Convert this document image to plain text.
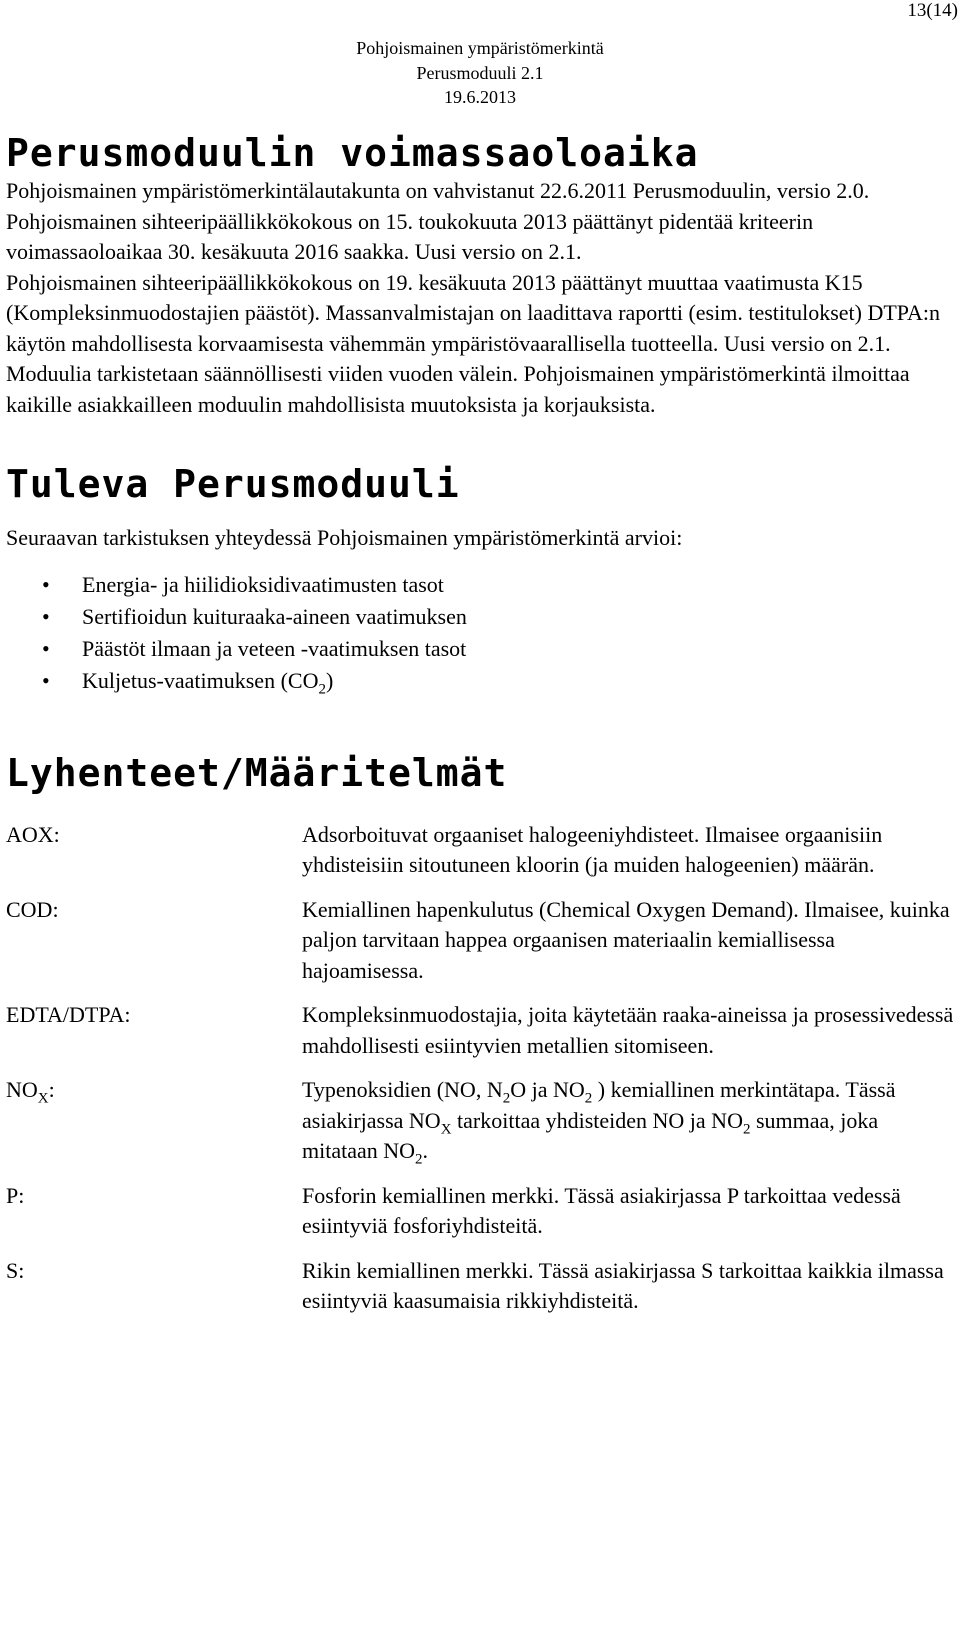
13(14)
Pohjoismainen ympäristömerkintä
Perusmoduuli 2.1
19.6.2013
Perusmoduulin voimassaoloaika

Pohjoismainen ympäristömerkintälautakunta on vahvistanut 22.6.2011 Perusmoduulin, versio 2.0.

Pohjoismainen sihteeripäällikkökokous on 15. toukokuuta 2013 päättänyt pidentää kriteerin voimassaoloaikaa 30. kesäkuuta 2016 saakka. Uusi versio on 2.1.

Pohjoismainen sihteeripäällikkökokous on 19. kesäkuuta 2013 päättänyt muuttaa vaatimusta K15 (Kompleksinmuodostajien päästöt). Massanvalmistajan on laadittava raportti (esim. testitulokset) DTPA:n käytön mahdollisesta korvaamisesta vähemmän ympäristövaarallisella tuotteella. Uusi versio on 2.1.

Moduulia tarkistetaan säännöllisesti viiden vuoden välein. Pohjoismainen ympäristömerkintä ilmoittaa kaikille asiakkailleen moduulin mahdollisista muutoksista ja korjauksista.

Tuleva Perusmoduuli

Seuraavan tarkistuksen yhteydessä Pohjoismainen ympäristömerkintä arvioi:

• Energia- ja hiilidioksidivaatimusten tasot
• Sertifioidun kuituraaka-aineen vaatimuksen
• Päästöt ilmaan ja veteen -vaatimuksen tasot
• Kuljetus-vaatimuksen $(CO_2)$
Lyhenteet/Määritelmät
AOX:	Adsorboituvat orgaaniset halogeeniyhdisteet. Ilmaisee orgaanisiin yhdisteisiin sitoutuneen kloorin (ja muiden halogeenien) määrän.
COD:	Kemiallinen hapenkulutus (Chemical Oxygen Demand). Ilmaisee, kuinka paljon tarvitaan happea orgaanisen materiaalin kemiallisessa hajoamisessa.
EDTA/DTPA:	Kompleksinmuodostajia, joita käytetään raaka-aineissa ja prosessivedessä mahdollisesti esiintyvien metallien sitomiseen.
$NO_X$:	Typenoksidien (NO, $N_2O$ ja $NO_2$ ) kemiallinen merkintätapa. Tässä asiakirjassa $NO_X$ tarkoittaa yhdisteiden NO ja $NO_2$ summaa, joka mitataan $NO_2$.
P:	Fosforin kemiallinen merkki. Tässä asiakirjassa P tarkoittaa vedessä esiintyviä fosforiyhdisteitä.
S:	Rikin kemiallinen merkki. Tässä asiakirjassa S tarkoittaa kaikkia ilmassa esiintyviä kaasumaisia rikkiyhdisteitä.
